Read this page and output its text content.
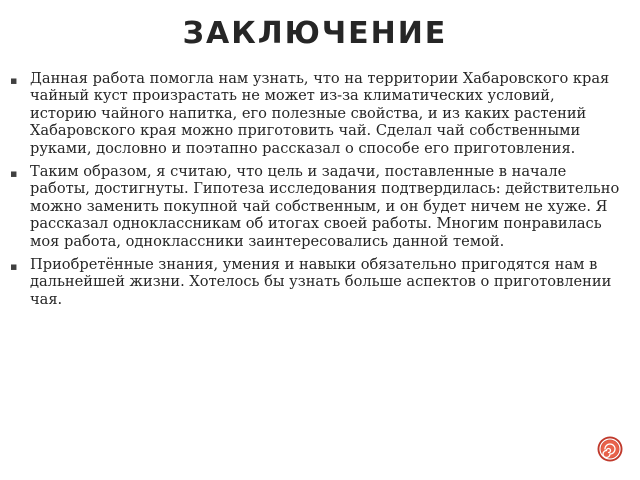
ЗАКЛЮЧЕНИЕ
▪ Данная работа помогла нам узнать, что на территории Хабаровского края чайный куст произрастать не может из-за климатических условий, историю чайного напитка, его полезные свойства, и из каких растений Хабаровского края можно приготовить чай. Сделал чай собственными руками, дословно и поэтапно рассказал о способе его приготовления.
▪ Таким образом, я считаю, что цель и задачи, поставленные в начале работы, достигнуты. Гипотеза исследования подтвердилась: действительно можно заменить покупной чай собственным, и он будет ничем не хуже. Я рассказал одноклассникам об итогах своей работы. Многим понравилась моя работа, одноклассники заинтересовались данной темой.
▪ Приобретённые знания, умения и навыки обязательно пригодятся нам в дальнейшей жизни. Хотелось бы узнать больше аспектов о приготовлении чая.
